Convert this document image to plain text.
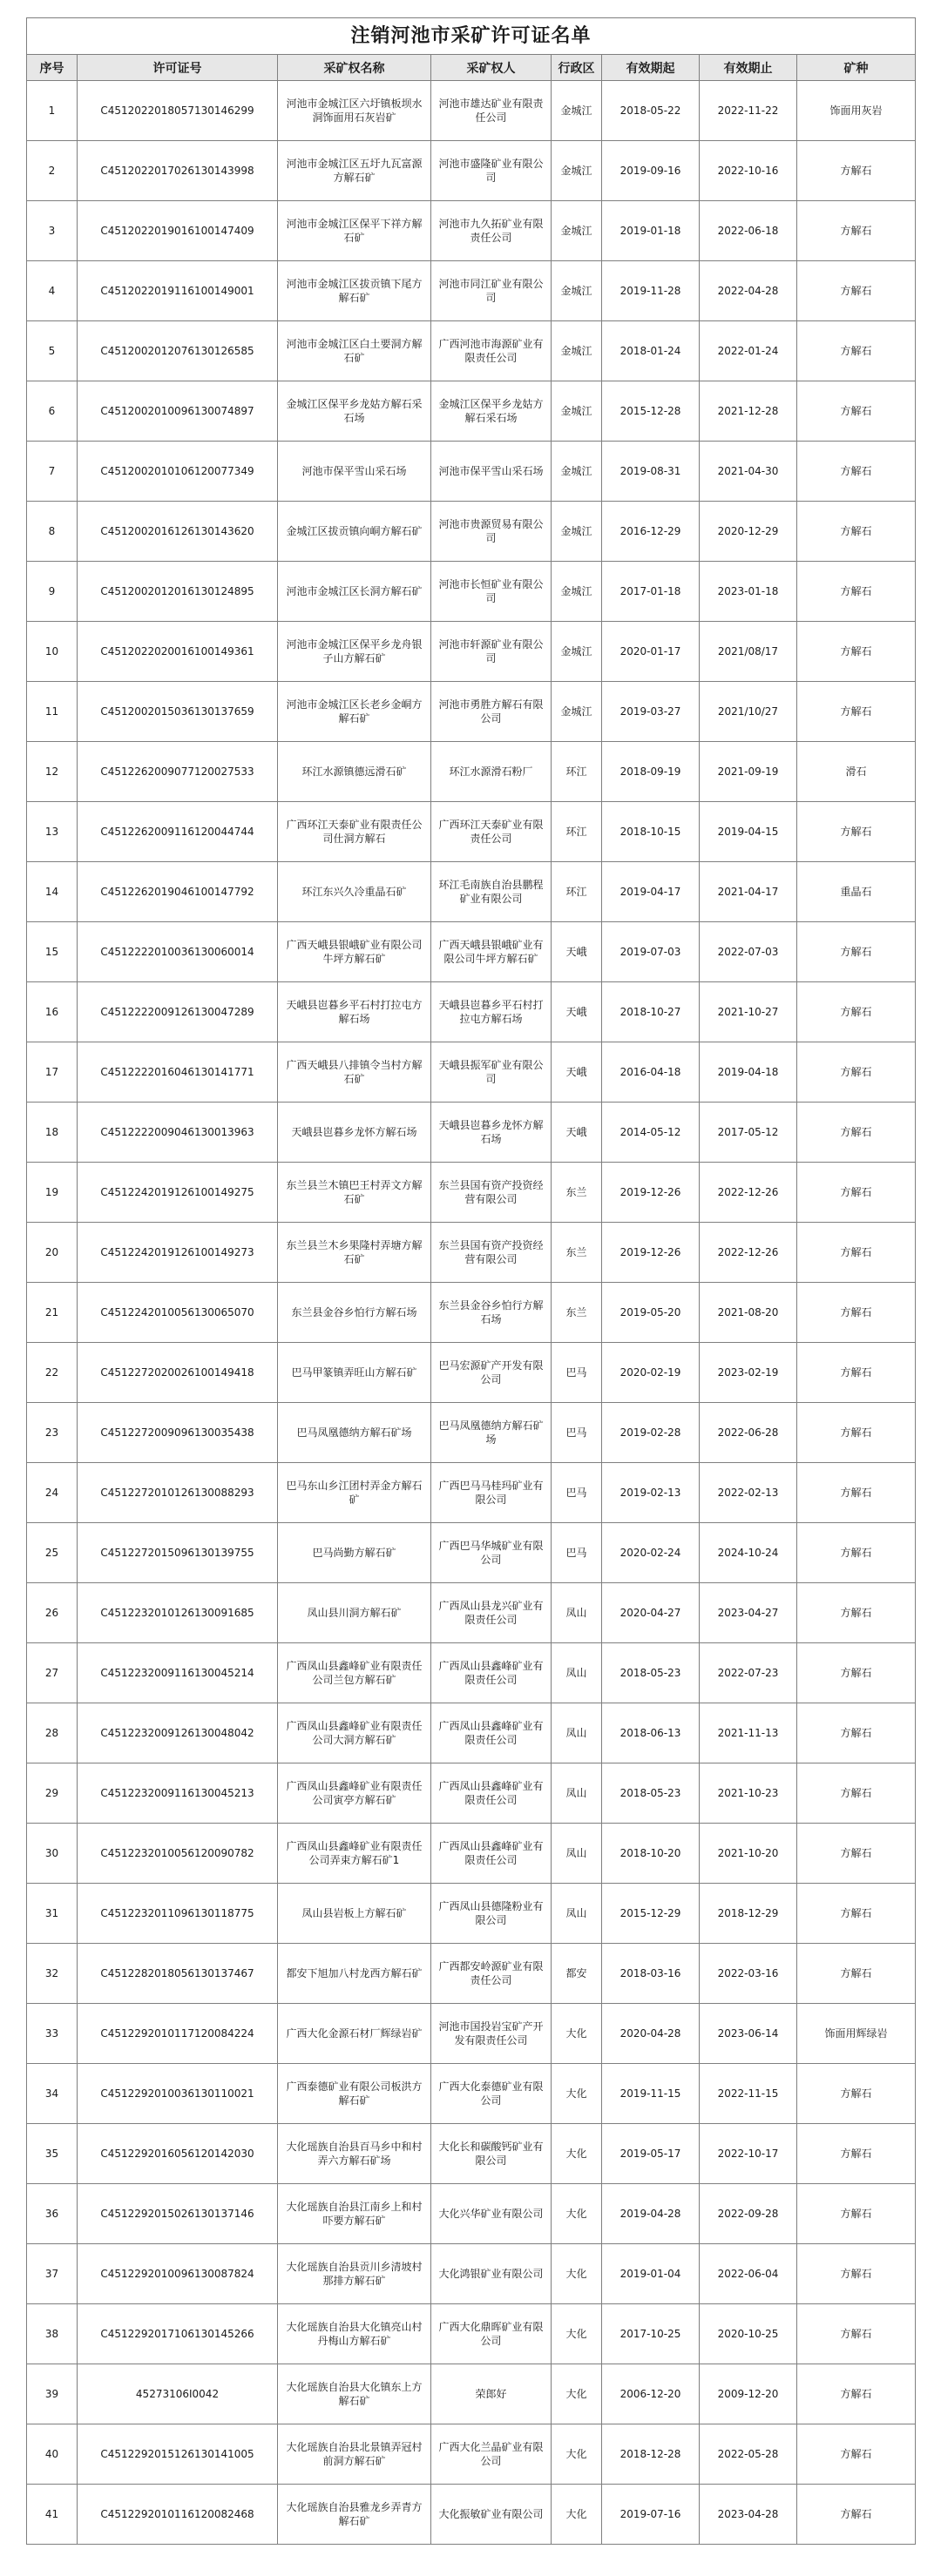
注销河池市采矿许可证名单							
序号	许可证号	采矿权名称	采矿权人	行政区	有效期起	有效期止	矿种
1	C4512022018057130146299	河池市金城江区六圩镇板坝水洞饰面用石灰岩矿	河池市雄达矿业有限责任公司	金城江	2018-05-22	2022-11-22	饰面用灰岩
2	C4512022017026130143998	河池市金城江区五圩九瓦富源方解石矿	河池市盛隆矿业有限公司	金城江	2019-09-16	2022-10-16	方解石
3	C4512022019016100147409	河池市金城江区保平下祥方解石矿	河池市九久拓矿业有限责任公司	金城江	2019-01-18	2022-06-18	方解石
4	C4512022019116100149001	河池市金城江区拔贡镇下尾方解石矿	河池市同江矿业有限公司	金城江	2019-11-28	2022-04-28	方解石
5	C4512002012076130126585	河池市金城江区白土要洞方解石矿	广西河池市海源矿业有限责任公司	金城江	2018-01-24	2022-01-24	方解石
6	C4512002010096130074897	金城江区保平乡龙姑方解石采石场	金城江区保平乡龙姑方解石采石场	金城江	2015-12-28	2021-12-28	方解石
7	C4512002010106120077349	河池市保平雪山采石场	河池市保平雪山采石场	金城江	2019-08-31	2021-04-30	方解石
8	C4512002016126130143620	金城江区拔贡镇向峒方解石矿	河池市贵源贸易有限公司	金城江	2016-12-29	2020-12-29	方解石
9	C4512002012016130124895	河池市金城江区长洞方解石矿	河池市长恒矿业有限公司	金城江	2017-01-18	2023-01-18	方解石
10	C4512022020016100149361	河池市金城江区保平乡龙舟银子山方解石矿	河池市轩源矿业有限公司	金城江	2020-01-17	2021/08/17	方解石
11	C4512002015036130137659	河池市金城江区长老乡金峒方解石矿	河池市勇胜方解石有限公司	金城江	2019-03-27	2021/10/27	方解石
12	C4512262009077120027533	环江水源镇德远滑石矿	环江水源滑石粉厂	环江	2018-09-19	2021-09-19	滑石
13	C4512262009116120044744	广西环江天泰矿业有限责任公司仕洞方解石	广西环江天泰矿业有限责任公司	环江	2018-10-15	2019-04-15	方解石
14	C4512262019046100147792	环江东兴久冷重晶石矿	环江毛南族自治县鹏程矿业有限公司	环江	2019-04-17	2021-04-17	重晶石
15	C4512222010036130060014	广西天峨县银峨矿业有限公司牛坪方解石矿	广西天峨县银峨矿业有限公司牛坪方解石矿	天峨	2019-07-03	2022-07-03	方解石
16	C4512222009126130047289	天峨县岜暮乡平石村打拉屯方解石场	天峨县岜暮乡平石村打拉屯方解石场	天峨	2018-10-27	2021-10-27	方解石
17	C4512222016046130141771	广西天峨县八排镇令当村方解石矿	天峨县振军矿业有限公司	天峨	2016-04-18	2019-04-18	方解石
18	C4512222009046130013963	天峨县岜暮乡龙怀方解石场	天峨县岜暮乡龙怀方解石场	天峨	2014-05-12	2017-05-12	方解石
19	C4512242019126100149275	东兰县兰木镇巴王村弄文方解石矿	东兰县国有资产投资经营有限公司	东兰	2019-12-26	2022-12-26	方解石
20	C4512242019126100149273	东兰县兰木乡果隆村弄塘方解石矿	东兰县国有资产投资经营有限公司	东兰	2019-12-26	2022-12-26	方解石
21	C4512242010056130065070	东兰县金谷乡怕行方解石场	东兰县金谷乡怕行方解石场	东兰	2019-05-20	2021-08-20	方解石
22	C4512272020026100149418	巴马甲篆镇弄旺山方解石矿	巴马宏源矿产开发有限公司	巴马	2020-02-19	2023-02-19	方解石
23	C4512272009096130035438	巴马凤凰德纳方解石矿场	巴马凤凰德纳方解石矿场	巴马	2019-02-28	2022-06-28	方解石
24	C4512272010126130088293	巴马东山乡江团村弄金方解石矿	广西巴马马桂玛矿业有限公司	巴马	2019-02-13	2022-02-13	方解石
25	C4512272015096130139755	巴马尚勤方解石矿	广西巴马华城矿业有限公司	巴马	2020-02-24	2024-10-24	方解石
26	C4512232010126130091685	凤山县川洞方解石矿	广西凤山县龙兴矿业有限责任公司	凤山	2020-04-27	2023-04-27	方解石
27	C4512232009116130045214	广西凤山县鑫峰矿业有限责任公司兰包方解石矿	广西凤山县鑫峰矿业有限责任公司	凤山	2018-05-23	2022-07-23	方解石
28	C4512232009126130048042	广西凤山县鑫峰矿业有限责任公司大洞方解石矿	广西凤山县鑫峰矿业有限责任公司	凤山	2018-06-13	2021-11-13	方解石
29	C4512232009116130045213	广西凤山县鑫峰矿业有限责任公司寅亭方解石矿	广西凤山县鑫峰矿业有限责任公司	凤山	2018-05-23	2021-10-23	方解石
30	C4512232010056120090782	广西凤山县鑫峰矿业有限责任公司弄束方解石矿1	广西凤山县鑫峰矿业有限责任公司	凤山	2018-10-20	2021-10-20	方解石
31	C4512232011096130118775	凤山县岩板上方解石矿	广西凤山县德隆粉业有限公司	凤山	2015-12-29	2018-12-29	方解石
32	C4512282018056130137467	都安下旭加八村龙西方解石矿	广西都安岭源矿业有限责任公司	都安	2018-03-16	2022-03-16	方解石
33	C4512292010117120084224	广西大化金源石材厂辉绿岩矿	河池市国投岩宝矿产开发有限责任公司	大化	2020-04-28	2023-06-14	饰面用辉绿岩
34	C4512292010036130110021	广西泰德矿业有限公司板洪方解石矿	广西大化泰德矿业有限公司	大化	2019-11-15	2022-11-15	方解石
35	C4512292016056120142030	大化瑶族自治县百马乡中和村弄六方解石矿场	大化长和碳酸钙矿业有限公司	大化	2019-05-17	2022-10-17	方解石
36	C4512292015026130137146	大化瑶族自治县江南乡上和村吓要方解石矿	大化兴华矿业有限公司	大化	2019-04-28	2022-09-28	方解石
37	C4512292010096130087824	大化瑶族自治县贡川乡清坡村那排方解石矿	大化鸿银矿业有限公司	大化	2019-01-04	2022-06-04	方解石
38	C4512292017106130145266	大化瑶族自治县大化镇亮山村丹梅山方解石矿	广西大化鼎晖矿业有限公司	大化	2017-10-25	2020-10-25	方解石
39	45273106I0042	大化瑶族自治县大化镇东上方解石矿	荣郎好	大化	2006-12-20	2009-12-20	方解石
40	C4512292015126130141005	大化瑶族自治县北景镇弄冠村前洞方解石矿	广西大化兰晶矿业有限公司	大化	2018-12-28	2022-05-28	方解石
41	C4512292010116120082468	大化瑶族自治县雅龙乡弄青方解石矿	大化振敏矿业有限公司	大化	2019-07-16	2023-04-28	方解石
